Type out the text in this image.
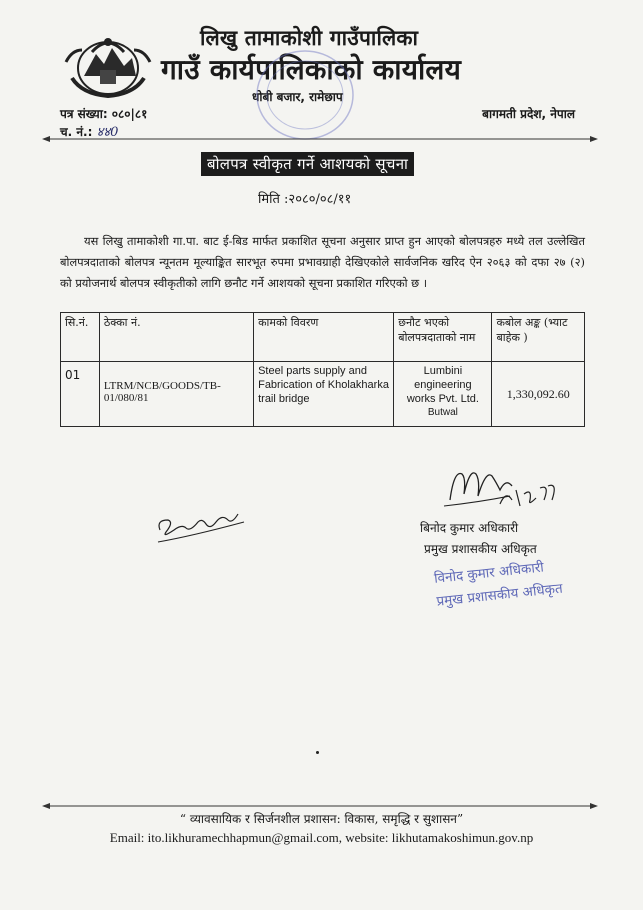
लिखु तामाकोशी गाउँपालिका
गाउँ कार्यपालिकाको कार्यालय
धोबी बजार, रामेछाप
पत्र संख्या: ०८०|८१
च. नं.: ४४0
बागमती प्रदेश, नेपाल
बोलपत्र स्वीकृत गर्ने आशयको सूचना
मिति :२०८०/०८/११

यस लिखु तामाकोशी गा.पा. बाट ई-बिड मार्फत प्रकाशित सूचना अनुसार प्राप्त हुन आएको बोलपत्रहरु मध्ये तल उल्लेखित बोलपत्रदाताको बोलपत्र न्यूनतम मूल्याङ्कित सारभूत रुपमा प्रभावग्राही देखिएकोले सार्वजनिक खरिद ऐन २०६३ को दफा २७ (२) को प्रयोजनार्थ बोलपत्र स्वीकृतीको लागि छनौट गर्ने आशयको सूचना प्रकाशित गरिएको छ ।

सि.नं.	ठेक्का नं.	कामको विवरण	छनौट भएको बोलपत्रदाताको नाम	कबोल अङ्क (भ्याट बाहेक )
01	LTRM/NCB/GOODS/TB-01/080/81	Steel parts supply and Fabrication of Kholakharka trail bridge	Lumbini engineering works Pvt. Ltd.
Butwal	1,330,092.60
बिनोद कुमार अधिकारी
प्रमुख प्रशासकीय अधिकृत
विनोद कुमार अधिकारी
प्रमुख प्रशासकीय अधिकृत
“ व्यावसायिक र सिर्जनशील प्रशासन: विकास, समृद्धि र सुशासन”
Email: ito.likhuramechhapmun@gmail.com, website: likhutamakoshimun.gov.np
